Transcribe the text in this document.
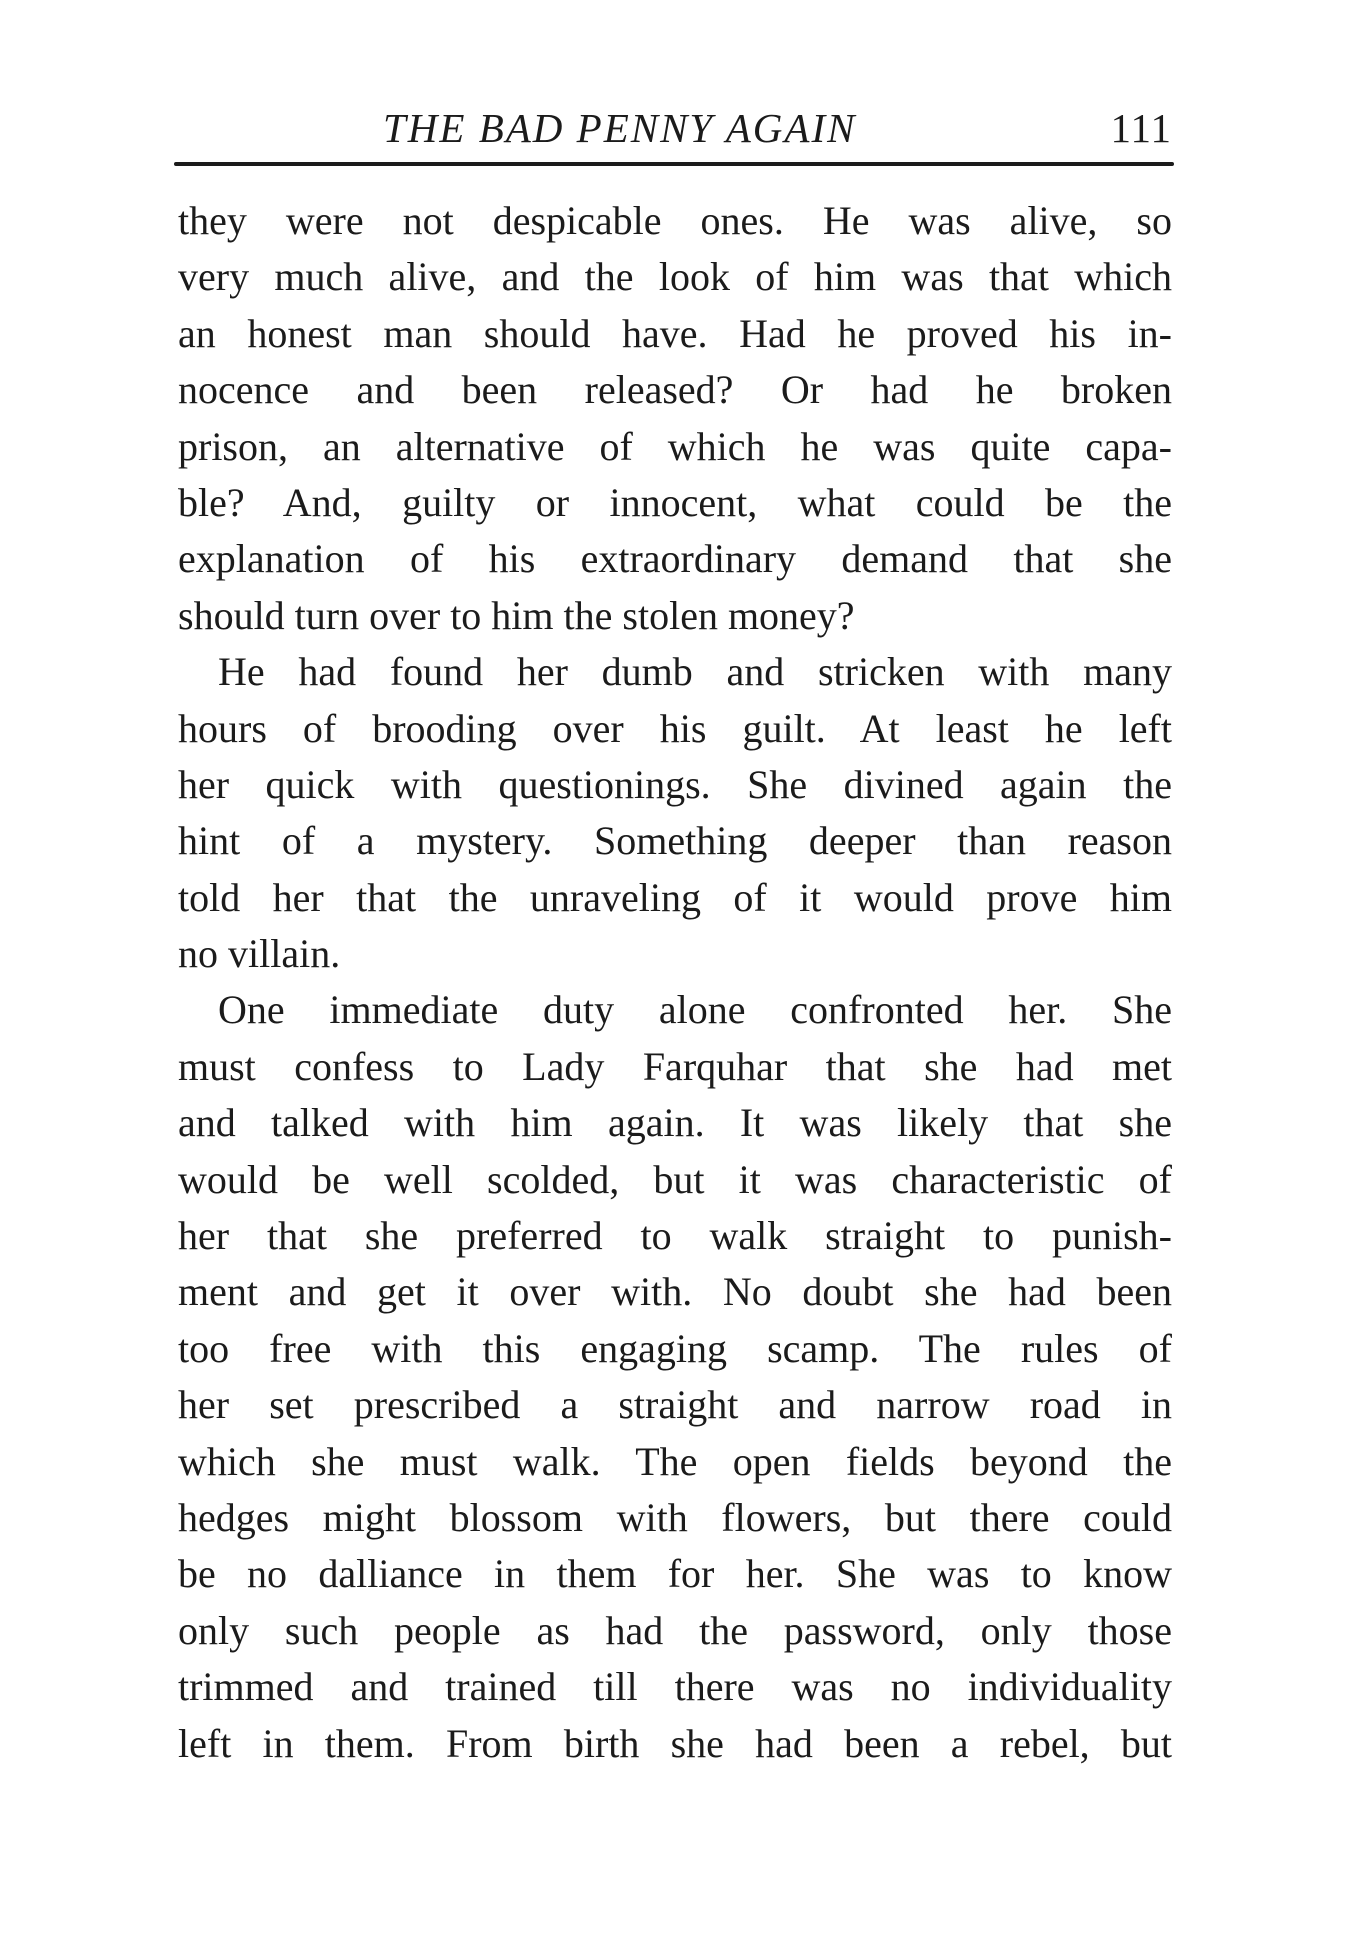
THE BAD PENNY AGAIN	111
they were not despicable ones. He was alive, so
very much alive, and the look of him was that which
an honest man should have. Had he proved his in-
nocence and been released? Or had he broken
prison, an alternative of which he was quite capa-
ble? And, guilty or innocent, what could be the
explanation of his extraordinary demand that she
should turn over to him the stolen money?
He had found her dumb and stricken with many
hours of brooding over his guilt. At least he left
her quick with questionings. She divined again the
hint of a mystery. Something deeper than reason
told her that the unraveling of it would prove him
no villain.
One immediate duty alone confronted her. She
must confess to Lady Farquhar that she had met
and talked with him again. It was likely that she
would be well scolded, but it was characteristic of
her that she preferred to walk straight to punish-
ment and get it over with. No doubt she had been
too free with this engaging scamp. The rules of
her set prescribed a straight and narrow road in
which she must walk. The open fields beyond the
hedges might blossom with flowers, but there could
be no dalliance in them for her. She was to know
only such people as had the password, only those
trimmed and trained till there was no individuality
left in them. From birth she had been a rebel, but
